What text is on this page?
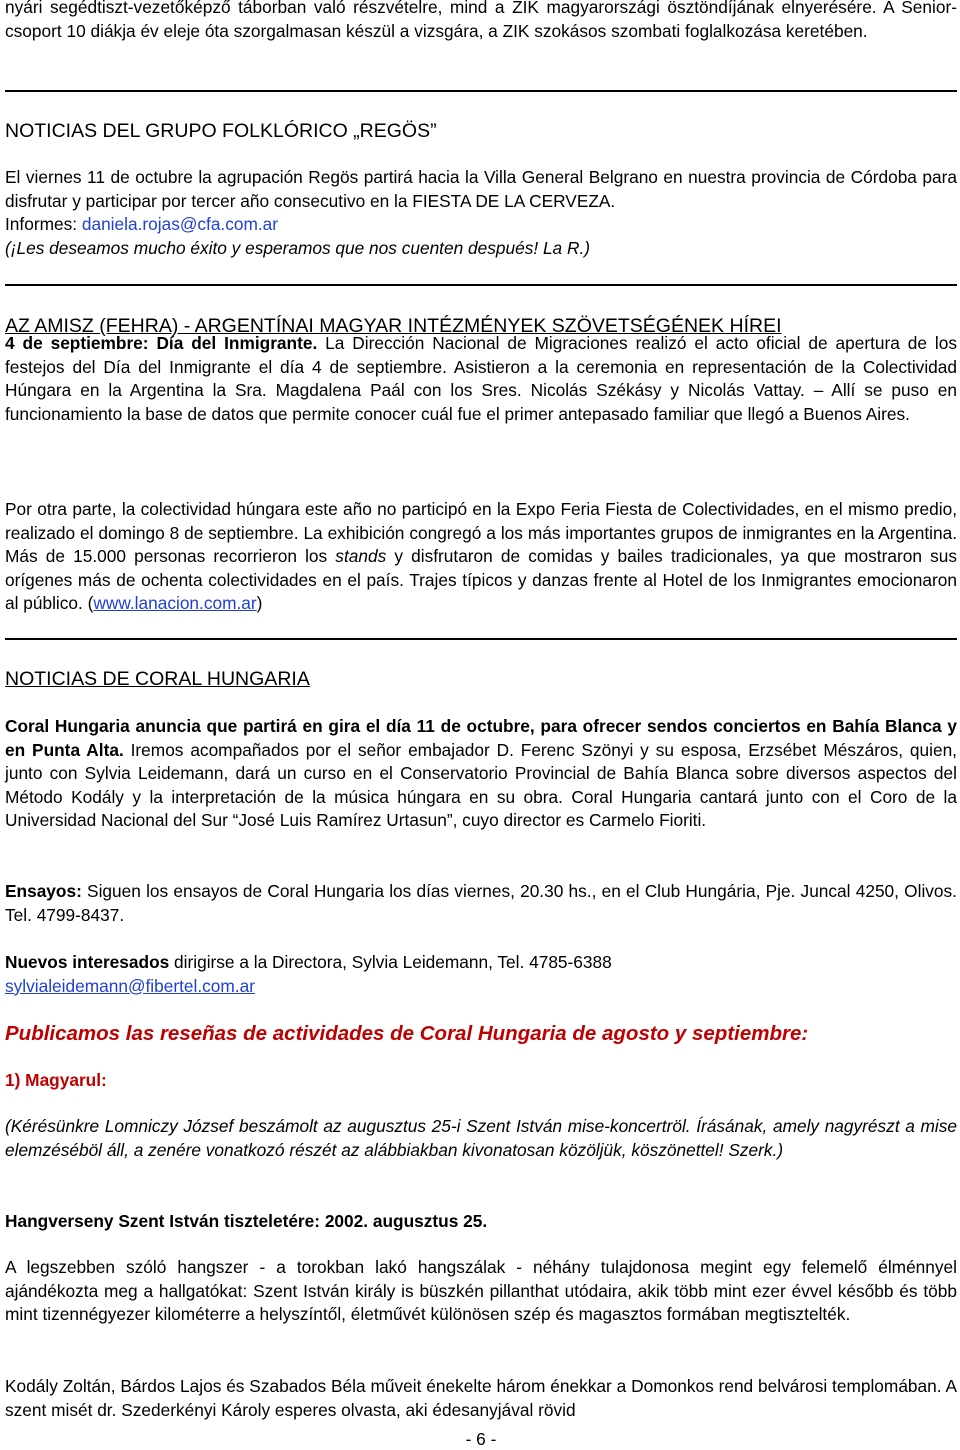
nyári segédtiszt-vezetőképző táborban való részvételre, mind a ZIK magyarországi ösztöndíjának elnyerésére. A Senior-csoport 10 diákja év eleje óta szorgalmasan készül a vizsgára, a ZIK szokásos szombati foglalkozása keretében.

NOTICIAS DEL GRUPO FOLKLÓRICO „REGÖS”

El viernes 11 de octubre la agrupación Regös partirá hacia la Villa General Belgrano en nuestra provincia de Córdoba para disfrutar y participar por tercer año consecutivo en la FIESTA DE LA CERVEZA.

Informes: daniela.rojas@cfa.com.ar

(¡Les deseamos mucho éxito y esperamos que nos cuenten después! La R.)

AZ AMISZ (FEHRA) - ARGENTÍNAI MAGYAR INTÉZMÉNYEK SZÖVETSÉGÉNEK HÍREI

4 de septiembre: Día del Inmigrante. La Dirección Nacional de Migraciones realizó el acto oficial de apertura de los festejos del Día del Inmigrante el día 4 de septiembre. Asistieron a la ceremonia en representación de la Colectividad Húngara en la Argentina la Sra. Magdalena Paál con los Sres. Nicolás Székásy y Nicolás Vattay. – Allí se puso en funcionamiento la base de datos que permite conocer cuál fue el primer antepasado familiar que llegó a Buenos Aires.

Por otra parte, la colectividad húngara este año no participó en la Expo Feria Fiesta de Colectividades, en el mismo predio, realizado el domingo 8 de septiembre. La exhibición congregó a los más importantes grupos de inmigrantes en la Argentina. Más de 15.000 personas recorrieron los stands y disfrutaron de comidas y bailes tradicionales, ya que mostraron sus orígenes más de ochenta colectividades en el país. Trajes típicos y danzas frente al Hotel de los Inmigrantes emocionaron al público. (www.lanacion.com.ar)

NOTICIAS DE CORAL HUNGARIA

Coral Hungaria anuncia que partirá en gira el día 11 de octubre, para ofrecer sendos conciertos en Bahía Blanca y en Punta Alta. Iremos acompañados por el señor embajador D. Ferenc Szönyi y su esposa, Erzsébet Mészáros, quien, junto con Sylvia Leidemann, dará un curso en el Conservatorio Provincial de Bahía Blanca sobre diversos aspectos del Método Kodály y la interpretación de la música húngara en su obra. Coral Hungaria cantará junto con el Coro de la Universidad Nacional del Sur “José Luis Ramírez Urtasun”, cuyo director es Carmelo Fioriti.

Ensayos: Siguen los ensayos de Coral Hungaria los días viernes, 20.30 hs., en el Club Hungária, Pje. Juncal 4250, Olivos. Tel. 4799-8437.

Nuevos interesados dirigirse a la Directora, Sylvia Leidemann, Tel. 4785-6388
sylvialeidemann@fibertel.com.ar

Publicamos las reseñas de actividades de Coral Hungaria de agosto y septiembre:

1) Magyarul:

(Kérésünkre Lomniczy József beszámolt az augusztus 25-i Szent István mise-koncertröl. Írásának, amely nagyrészt a mise elemzéséböl áll, a zenére vonatkozó részét az alábbiakban kivonatosan közöljük, köszönettel! Szerk.)

Hangverseny Szent István tiszteletére: 2002. augusztus 25.

A legszebben szóló hangszer - a torokban lakó hangszálak - néhány tulajdonosa megint egy felemelő élménnyel ajándékozta meg a hallgatókat: Szent István király is büszkén pillanthat utódaira, akik több mint ezer évvel később és több mint tizennégyezer kilométerre a helyszíntől, életművét különösen szép és magasztos formában megtisztelték.

Kodály Zoltán, Bárdos Lajos és Szabados Béla műveit énekelte három énekkar a Domonkos rend belvárosi templomában. A szent misét dr. Szederkényi Károly esperes olvasta, aki édesanyjával rövid

- 6 -
